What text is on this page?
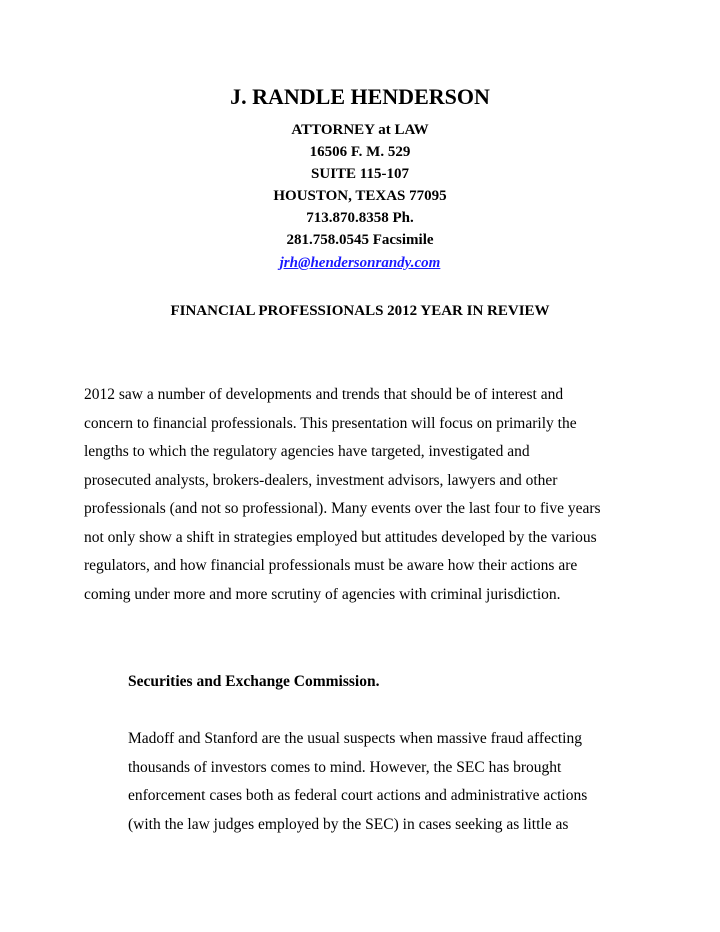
J. RANDLE HENDERSON
ATTORNEY at LAW
16506 F. M. 529
SUITE 115-107
HOUSTON, TEXAS 77095
713.870.8358 Ph.
281.758.0545 Facsimile
jrh@hendersonrandy.com
FINANCIAL PROFESSIONALS 2012 YEAR IN REVIEW
2012 saw a number of developments and trends that should be of interest and
concern to financial professionals. This presentation will focus on primarily the
lengths to which the regulatory agencies have targeted, investigated and
prosecuted analysts, brokers-dealers, investment advisors, lawyers and other
professionals (and not so professional). Many events over the last four to five years
not only show a shift in strategies employed but attitudes developed by the various
regulators, and how financial professionals must be aware how their actions are
coming under more and more scrutiny of agencies with criminal jurisdiction.
Securities and Exchange Commission.
Madoff and Stanford are the usual suspects when massive fraud affecting
thousands of investors comes to mind. However, the SEC has brought
enforcement cases both as federal court actions and administrative actions
(with the law judges employed by the SEC) in cases seeking as little as
